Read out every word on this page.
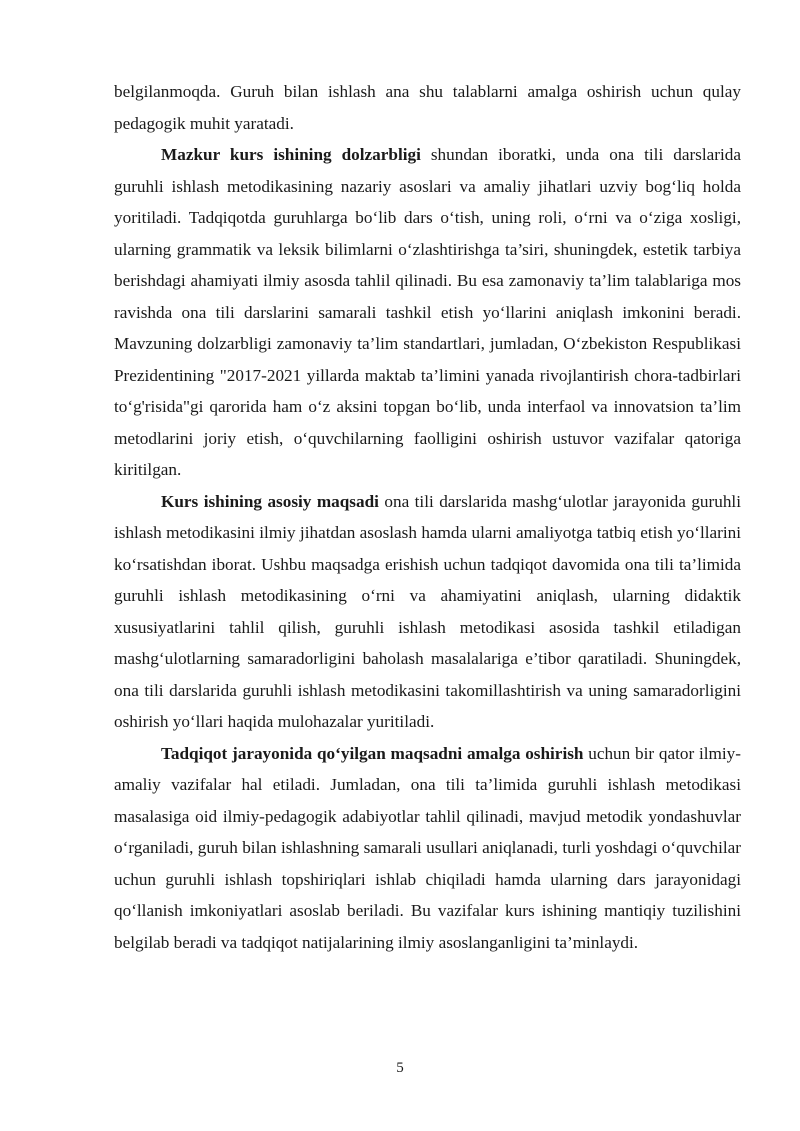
belgilanmoqda. Guruh bilan ishlash ana shu talablarni amalga oshirish uchun qulay pedagogik muhit yaratadi.

Mazkur kurs ishining dolzarbligi shundan iboratki, unda ona tili darslarida guruhli ishlash metodikasining nazariy asoslari va amaliy jihatlari uzviy bog‘liq holda yoritiladi. Tadqiqotda guruhlarga bo‘lib dars o‘tish, uning roli, o‘rni va o‘ziga xosligi, ularning grammatik va leksik bilimlarni o‘zlashtirishga ta’siri, shuningdek, estetik tarbiya berishdagi ahamiyati ilmiy asosda tahlil qilinadi. Bu esa zamonaviy ta’lim talablariga mos ravishda ona tili darslarini samarali tashkil etish yo‘llarini aniqlash imkonini beradi. Mavzuning dolzarbligi zamonaviy ta’lim standartlari, jumladan, O‘zbekiston Respublikasi Prezidentining "2017-2021 yillarda maktab ta’limini yanada rivojlantirish chora-tadbirlari to‘g'risida"gi qarorida ham o‘z aksini topgan bo‘lib, unda interfaol va innovatsion ta’lim metodlarini joriy etish, o‘quvchilarning faolligini oshirish ustuvor vazifalar qatoriga kiritilgan.

Kurs ishining asosiy maqsadi ona tili darslarida mashg‘ulotlar jarayonida guruhli ishlash metodikasini ilmiy jihatdan asoslash hamda ularni amaliyotga tatbiq etish yo‘llarini ko‘rsatishdan iborat. Ushbu maqsadga erishish uchun tadqiqot davomida ona tili ta’limida guruhli ishlash metodikasining o‘rni va ahamiyatini aniqlash, ularning didaktik xususiyatlarini tahlil qilish, guruhli ishlash metodikasi asosida tashkil etiladigan mashg‘ulotlarning samaradorligini baholash masalalariga e’tibor qaratiladi. Shuningdek, ona tili darslarida guruhli ishlash metodikasini takomillashtirish va uning samaradorligini oshirish yo‘llari haqida mulohazalar yuritiladi.

Tadqiqot jarayonida qo‘yilgan maqsadni amalga oshirish uchun bir qator ilmiy-amaliy vazifalar hal etiladi. Jumladan, ona tili ta’limida guruhli ishlash metodikasi masalasiga oid ilmiy-pedagogik adabiyotlar tahlil qilinadi, mavjud metodik yondashuvlar o‘rganiladi, guruh bilan ishlashning samarali usullari aniqlanadi, turli yoshdagi o‘quvchilar uchun guruhli ishlash topshiriqlari ishlab chiqiladi hamda ularning dars jarayonidagi qo‘llanish imkoniyatlari asoslab beriladi. Bu vazifalar kurs ishining mantiqiy tuzilishini belgilab beradi va tadqiqot natijalarining ilmiy asoslanganligini ta’minlaydi.

5
